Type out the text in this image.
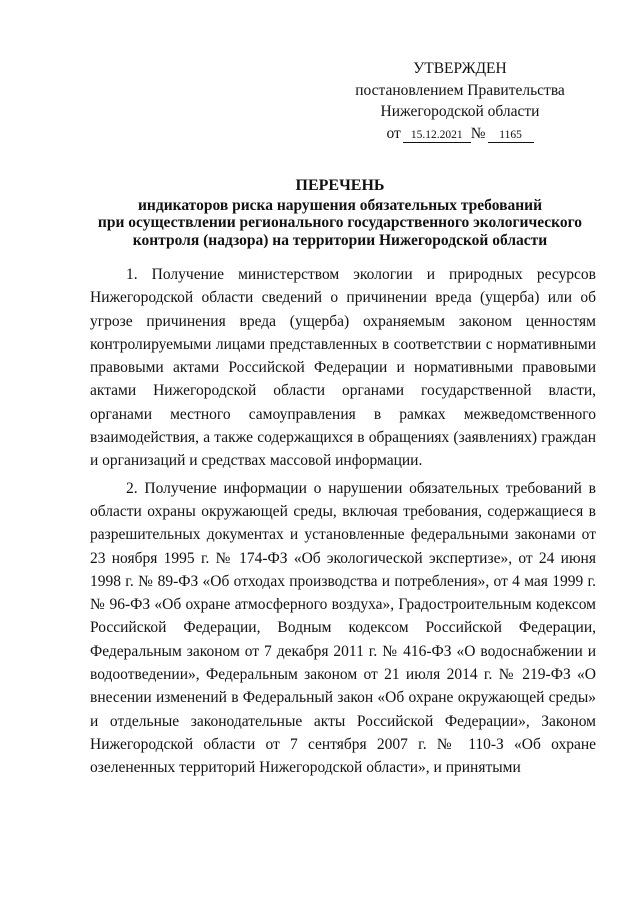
УТВЕРЖДЕН
постановлением Правительства
Нижегородской области
от 15.12.2021 № 1165
ПЕРЕЧЕНЬ
индикаторов риска нарушения обязательных требований
при осуществлении регионального государственного экологического
контроля (надзора) на территории Нижегородской области

1. Получение министерством экологии и природных ресурсов Нижегородской области сведений о причинении вреда (ущерба) или об угрозе причинения вреда (ущерба) охраняемым законом ценностям контролируемыми лицами представленных в соответствии с нормативными правовыми актами Российской Федерации и нормативными правовыми актами Нижегородской области органами государственной власти, органами местного самоуправления в рамках межведомственного взаимодействия, а также содержащихся в обращениях (заявлениях) граждан и организаций и средствах массовой информации.

2. Получение информации о нарушении обязательных требований в области охраны окружающей среды, включая требования, содержащиеся в разрешительных документах и установленные федеральными законами от 23 ноября 1995 г. № 174-ФЗ «Об экологической экспертизе», от 24 июня 1998 г. № 89-ФЗ «Об отходах производства и потребления», от 4 мая 1999 г. № 96-ФЗ «Об охране атмосферного воздуха», Градостроительным кодексом Российской Федерации, Водным кодексом Российской Федерации, Федеральным законом от 7 декабря 2011 г. № 416-ФЗ «О водоснабжении и водоотведении», Федеральным законом от 21 июля 2014 г. № 219-ФЗ «О внесении изменений в Федеральный закон «Об охране окружающей среды» и отдельные законодательные акты Российской Федерации», Законом Нижегородской области от 7 сентября 2007 г. № 110-З «Об охране озелененных территорий Нижегородской области», и принятыми
